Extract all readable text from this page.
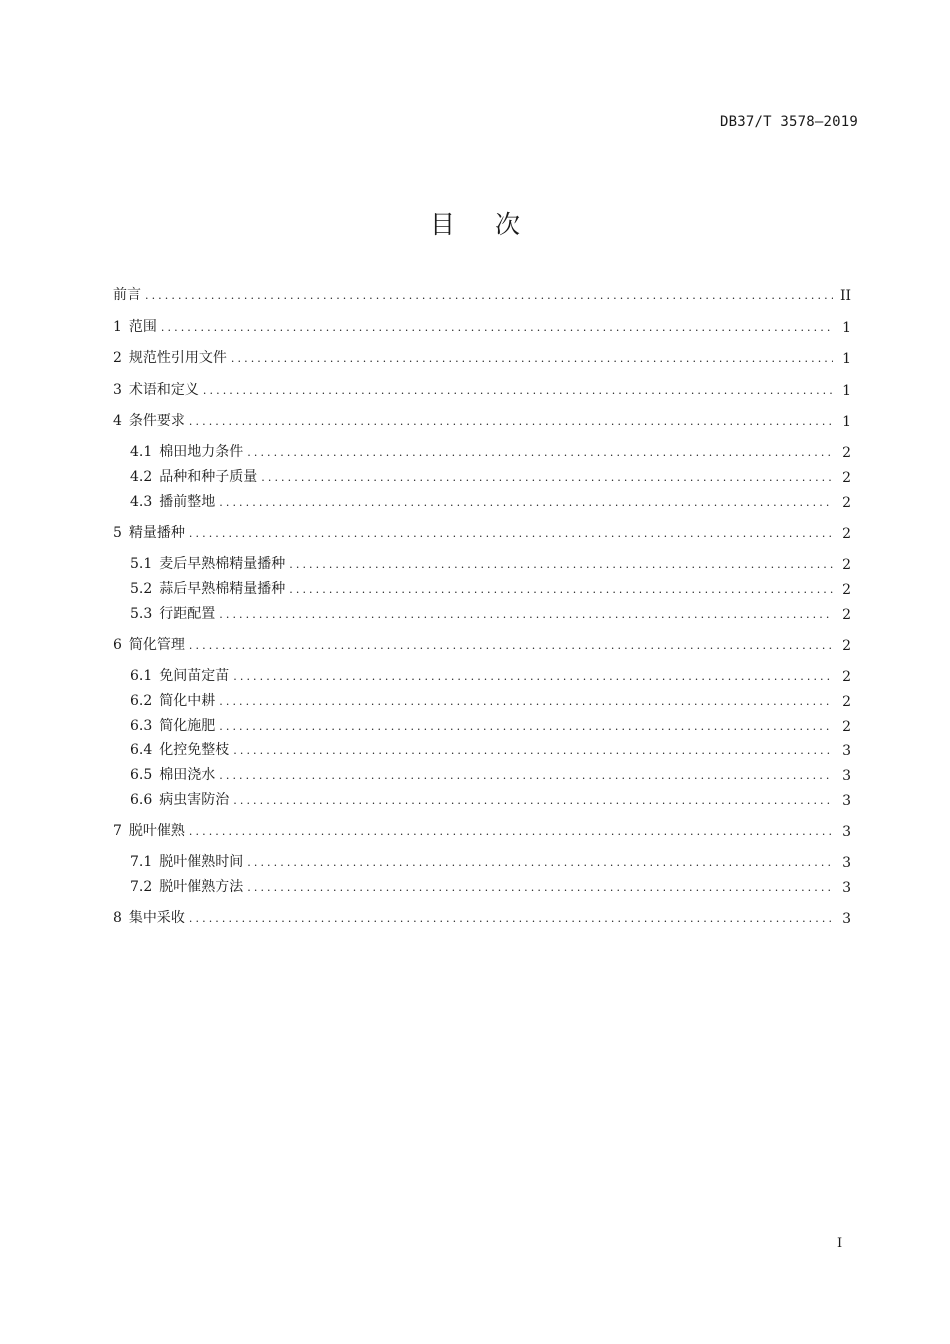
DB37/T 3578—2019
目次
前言 . . .	II
1 范围 . . .	1
2 规范性引用文件 . . .	1
3 术语和定义 . . .	1
4 条件要求 . . .	1
4.1 棉田地力条件 . . .	2
4.2 品种和种子质量 . . .	2
4.3 播前整地 . . .	2
5 精量播种 . . .	2
5.1 麦后早熟棉精量播种 . . .	2
5.2 蒜后早熟棉精量播种 . . .	2
5.3 行距配置 . . .	2
6 简化管理 . . .	2
6.1 免间苗定苗 . . .	2
6.2 简化中耕 . . .	2
6.3 简化施肥 . . .	2
6.4 化控免整枝 . . .	3
6.5 棉田浇水 . . .	3
6.6 病虫害防治 . . .	3
7 脱叶催熟 . . .	3
7.1 脱叶催熟时间 . . .	3
7.2 脱叶催熟方法 . . .	3
8 集中采收 . . .	3
I
